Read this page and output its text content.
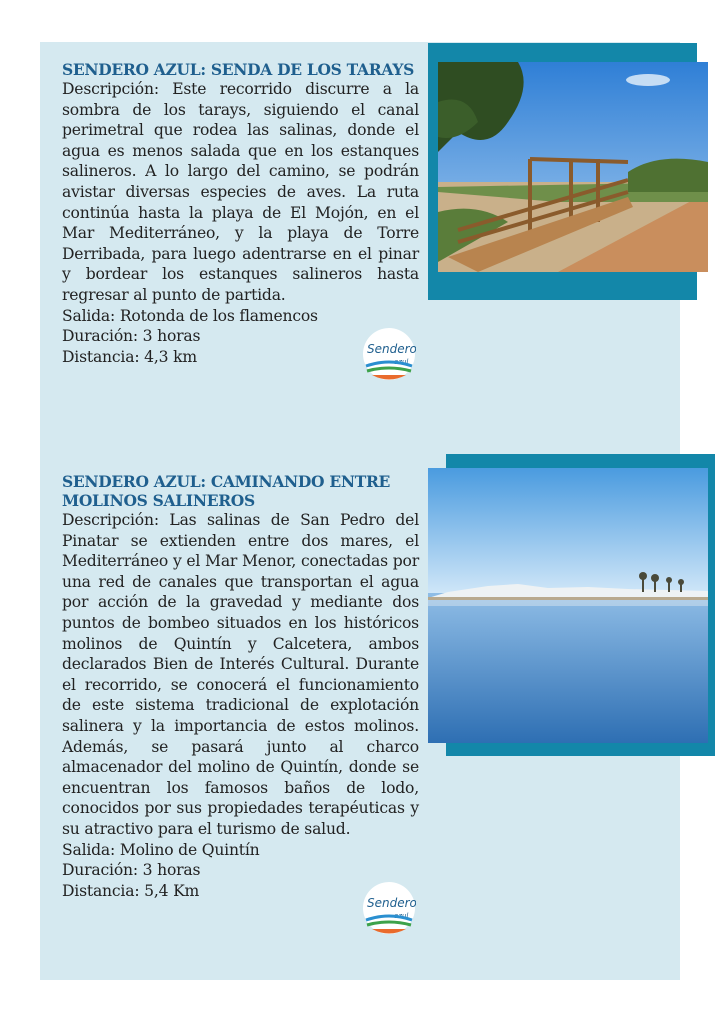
SENDERO AZUL: SENDA DE LOS TARAYS

Descripción: Este recorrido discurre a la sombra de los tarays, siguiendo el canal perimetral que rodea las salinas, donde el agua es menos salada que en los estanques salineros. A lo largo del camino, se podrán avistar diversas especies de aves. La ruta continúa hasta la playa de El Mojón, en el Mar Mediterráneo, y la playa de Torre Derribada, para luego adentrarse en el pinar y bordear los estanques salineros hasta regresar al punto de partida.

Salida: Rotonda de los flamencos

Duración: 3 horas

Distancia: 4,3 km	Sendero
azul
SENDERO AZUL: CAMINANDO ENTRE MOLINOS SALINEROS

Descripción: Las salinas de San Pedro del Pinatar se extienden entre dos mares, el Mediterráneo y el Mar Menor, conectadas por una red de canales que transportan el agua por acción de la gravedad y mediante dos puntos de bombeo situados en los históricos molinos de Quintín y Calcetera, ambos declarados Bien de Interés Cultural. Durante el recorrido, se conocerá el funcionamiento de este sistema tradicional de explotación salinera y la importancia de estos molinos. Además, se pasará junto al charco almacenador del molino de Quintín, donde se encuentran los famosos baños de lodo, conocidos por sus propiedades terapéuticas y su atractivo para el turismo de salud.

Salida: Molino de Quintín

Duración: 3 horas

Distancia: 5,4 Km

Sendero
azul
